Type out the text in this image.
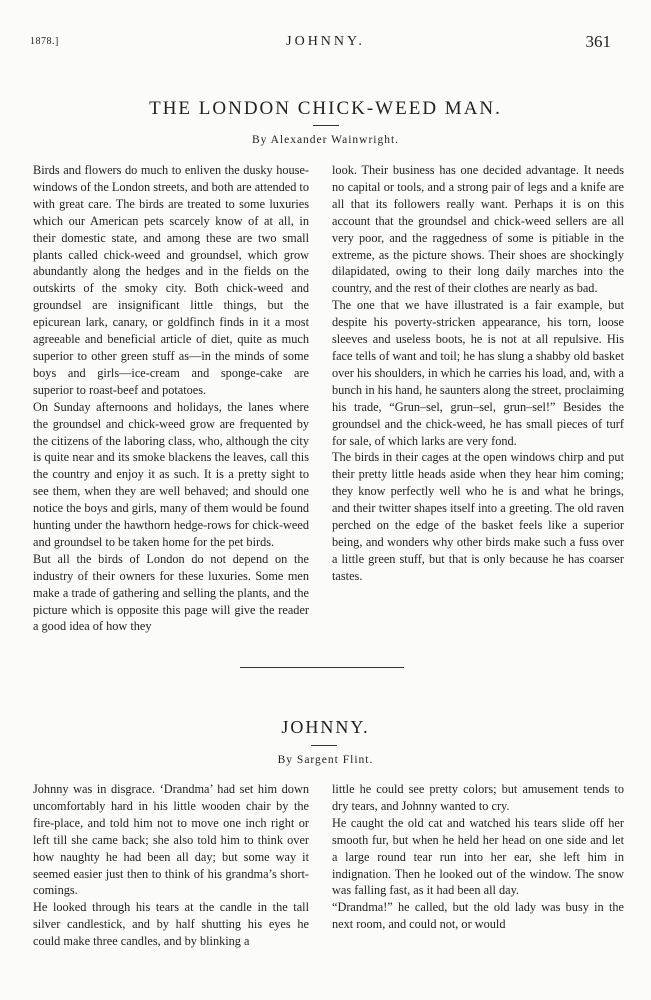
1878.]	JOHNNY.	361
THE LONDON CHICK-WEED MAN.
By Alexander Wainwright.

Birds and flowers do much to enliven the dusky house-windows of the London streets, and both are attended to with great care. The birds are treated to some luxuries which our American pets scarcely know of at all, in their domestic state, and among these are two small plants called chick-weed and groundsel, which grow abundantly along the hedges and in the fields on the outskirts of the smoky city. Both chick-weed and groundsel are insignificant little things, but the epicurean lark, canary, or goldfinch finds in it a most agreeable and beneficial article of diet, quite as much superior to other green stuff as—in the minds of some boys and girls—ice-cream and sponge-cake are superior to roast-beef and potatoes.

On Sunday afternoons and holidays, the lanes where the groundsel and chick-weed grow are frequented by the citizens of the laboring class, who, although the city is quite near and its smoke blackens the leaves, call this the country and enjoy it as such. It is a pretty sight to see them, when they are well behaved; and should one notice the boys and girls, many of them would be found hunting under the hawthorn hedge-rows for chick-weed and groundsel to be taken home for the pet birds.

But all the birds of London do not depend on the industry of their owners for these luxuries. Some men make a trade of gathering and selling the plants, and the picture which is opposite this page will give the reader a good idea of how they

look. Their business has one decided advantage. It needs no capital or tools, and a strong pair of legs and a knife are all that its followers really want. Perhaps it is on this account that the groundsel and chick-weed sellers are all very poor, and the raggedness of some is pitiable in the extreme, as the picture shows. Their shoes are shockingly dilapidated, owing to their long daily marches into the country, and the rest of their clothes are nearly as bad.

The one that we have illustrated is a fair example, but despite his poverty-stricken appearance, his torn, loose sleeves and useless boots, he is not at all repulsive. His face tells of want and toil; he has slung a shabby old basket over his shoulders, in which he carries his load, and, with a bunch in his hand, he saunters along the street, proclaiming his trade, “Grun–sel, grun–sel, grun–sel!” Besides the groundsel and the chick-weed, he has small pieces of turf for sale, of which larks are very fond.

The birds in their cages at the open windows chirp and put their pretty little heads aside when they hear him coming; they know perfectly well who he is and what he brings, and their twitter shapes itself into a greeting. The old raven perched on the edge of the basket feels like a superior being, and wonders why other birds make such a fuss over a little green stuff, but that is only because he has coarser tastes.

JOHNNY.
By Sargent Flint.

Johnny was in disgrace. ‘Drandma’ had set him down uncomfortably hard in his little wooden chair by the fire-place, and told him not to move one inch right or left till she came back; she also told him to think over how naughty he had been all day; but some way it seemed easier just then to think of his grandma’s short-comings.

He looked through his tears at the candle in the tall silver candlestick, and by half shutting his eyes he could make three candles, and by blinking a

little he could see pretty colors; but amusement tends to dry tears, and Johnny wanted to cry.

He caught the old cat and watched his tears slide off her smooth fur, but when he held her head on one side and let a large round tear run into her ear, she left him in indignation. Then he looked out of the window. The snow was falling fast, as it had been all day.

“Drandma!” he called, but the old lady was busy in the next room, and could not, or would
